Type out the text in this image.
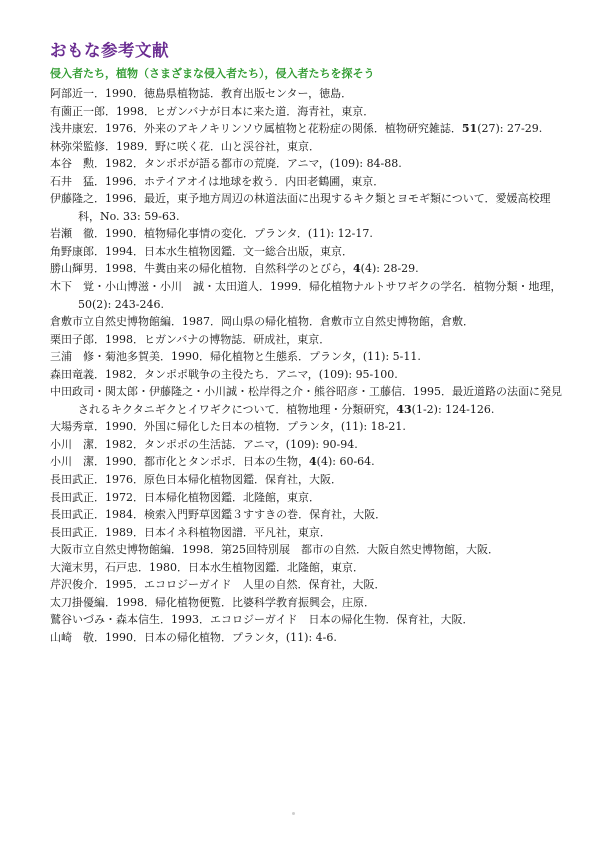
おもな参考文献
侵入者たち，植物（さまざまな侵入者たち），侵入者たちを探そう
阿部近一．1990．徳島県植物誌．教育出版センター，徳島．
有薗正一郎．1998．ヒガンバナが日本に来た道．海青社，東京．
浅井康宏．1976．外来のアキノキリンソウ属植物と花粉症の関係．植物研究雑誌．51(27): 27-29.
林弥栄監修．1989．野に咲く花．山と渓谷社，東京．
本谷　勲．1982．タンポポが語る都市の荒廃．アニマ，(109): 84-88.
石井　猛．1996．ホテイアオイは地球を救う．内田老鶴圃，東京．
伊藤隆之．1996．最近，東予地方周辺の林道法面に出現するキク類とヨモギ類について．愛媛高校理科，No. 33: 59-63.
岩瀬　徹．1990．植物帰化事情の変化．プランタ．(11): 12-17.
角野康郎．1994．日本水生植物図鑑．文一総合出版，東京．
勝山輝男．1998．牛糞由来の帰化植物．自然科学のとびら，4(4): 28-29.
木下　覚・小山博滋・小川　誠・太田道人．1999．帰化植物ナルトサワギクの学名．植物分類・地理，50(2): 243-246.
倉敷市立自然史博物館編．1987．岡山県の帰化植物．倉敷市立自然史博物館，倉敷．
栗田子郎．1998．ヒガンバナの博物誌．研成社，東京．
三浦　修・菊池多賀美．1990．帰化植物と生態系．プランタ，(11): 5-11.
森田竜義．1982．タンポポ戦争の主役たち．アニマ，(109): 95-100.
中田政司・関太郎・伊藤隆之・小川誠・松岸得之介・熊谷昭彦・工藤信．1995．最近道路の法面に発見されるキクタニギクとイワギクについて．植物地理・分類研究，43(1-2): 124-126.
大場秀章．1990．外国に帰化した日本の植物．プランタ，(11): 18-21.
小川　潔．1982．タンポポの生活誌．アニマ，(109): 90-94.
小川　潔．1990．都市化とタンポポ．日本の生物，4(4): 60-64.
長田武正．1976．原色日本帰化植物図鑑．保育社，大阪．
長田武正．1972．日本帰化植物図鑑．北隆館，東京．
長田武正．1984．検索入門野草図鑑３すすきの巻．保育社，大阪．
長田武正．1989．日本イネ科植物図譜．平凡社，東京．
大阪市立自然史博物館編．1998．第25回特別展　都市の自然．大阪自然史博物館，大阪．
大滝末男，石戸忠．1980．日本水生植物図鑑．北隆館，東京．
芹沢俊介．1995．エコロジーガイド　人里の自然．保育社，大阪．
太刀掛優編．1998．帰化植物便覧．比婆科学教育振興会，庄原．
鷲谷いづみ・森本信生．1993．エコロジーガイド　日本の帰化生物．保育社，大阪．
山崎　敬．1990．日本の帰化植物．プランタ，(11): 4-6.
